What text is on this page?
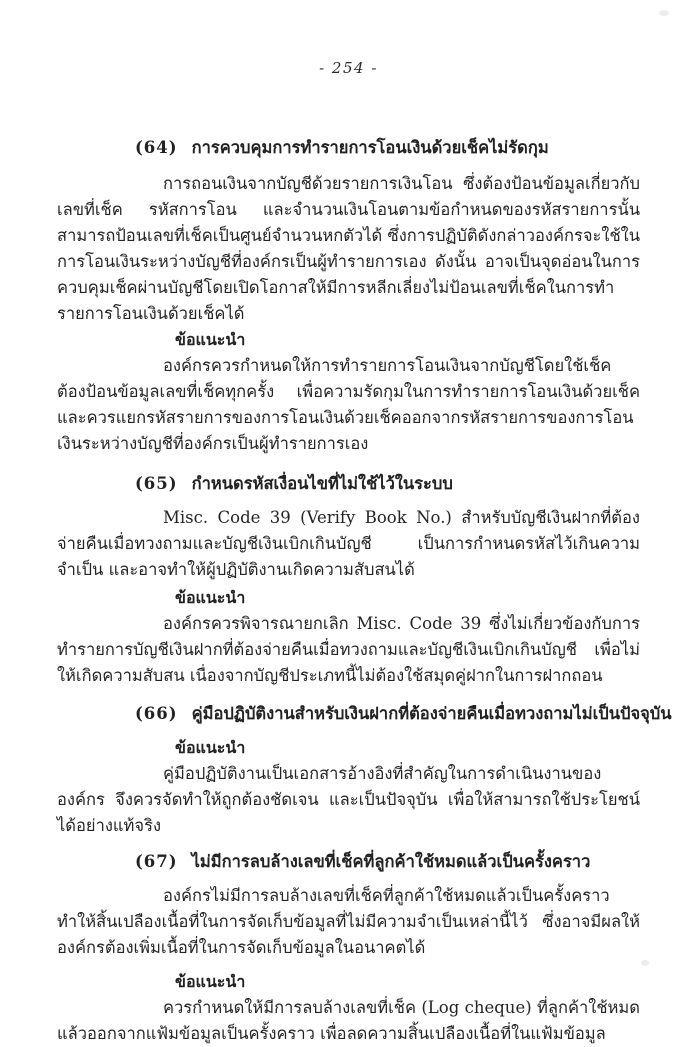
- 254 -

(64) การควบคุมการทำรายการโอนเงินด้วยเช็คไม่รัดกุม

การถอนเงินจากบัญชีด้วยรายการเงินโอน ซึ่งต้องป้อนข้อมูลเกี่ยวกับเลขที่เช็ค รหัสการโอน และจำนวนเงินโอนตามข้อกำหนดของรหัสรายการนั้น สามารถป้อนเลขที่เช็คเป็นศูนย์จำนวนหกตัวได้ ซึ่งการปฏิบัติดังกล่าวองค์กรจะใช้ในการโอนเงินระหว่างบัญชีที่องค์กรเป็นผู้ทำรายการเอง ดังนั้น อาจเป็นจุดอ่อนในการควบคุมเช็คผ่านบัญชีโดยเปิดโอกาสให้มีการหลีกเลี่ยงไม่ป้อนเลขที่เช็คในการทำรายการโอนเงินด้วยเช็คได้

ข้อแนะนำ

องค์กรควรกำหนดให้การทำรายการโอนเงินจากบัญชีโดยใช้เช็ค ต้องป้อนข้อมูลเลขที่เช็คทุกครั้ง เพื่อความรัดกุมในการทำรายการโอนเงินด้วยเช็ค และควรแยกรหัสรายการของการโอนเงินด้วยเช็คออกจากรหัสรายการของการโอนเงินระหว่างบัญชีที่องค์กรเป็นผู้ทำรายการเอง

(65) กำหนดรหัสเงื่อนไขที่ไม่ใช้ไว้ในระบบ

Misc. Code 39 (Verify Book No.) สำหรับบัญชีเงินฝากที่ต้องจ่ายคืนเมื่อทวงถามและบัญชีเงินเบิกเกินบัญชี เป็นการกำหนดรหัสไว้เกินความจำเป็น และอาจทำให้ผู้ปฏิบัติงานเกิดความสับสนได้

ข้อแนะนำ

องค์กรควรพิจารณายกเลิก Misc. Code 39 ซึ่งไม่เกี่ยวข้องกับการทำรายการบัญชีเงินฝากที่ต้องจ่ายคืนเมื่อทวงถามและบัญชีเงินเบิกเกินบัญชี เพื่อไม่ให้เกิดความสับสน เนื่องจากบัญชีประเภทนี้ไม่ต้องใช้สมุดคู่ฝากในการฝากถอน

(66) คู่มือปฏิบัติงานสำหรับเงินฝากที่ต้องจ่ายคืนเมื่อทวงถามไม่เป็นปัจจุบัน

ข้อแนะนำ

คู่มือปฏิบัติงานเป็นเอกสารอ้างอิงที่สำคัญในการดำเนินงานขององค์กร จึงควรจัดทำให้ถูกต้องชัดเจน และเป็นปัจจุบัน เพื่อให้สามารถใช้ประโยชน์ได้อย่างแท้จริง

(67) ไม่มีการลบล้างเลขที่เช็คที่ลูกค้าใช้หมดแล้วเป็นครั้งคราว

องค์กรไม่มีการลบล้างเลขที่เช็คที่ลูกค้าใช้หมดแล้วเป็นครั้งคราว ทำให้สิ้นเปลืองเนื้อที่ในการจัดเก็บข้อมูลที่ไม่มีความจำเป็นเหล่านี้ไว้ ซึ่งอาจมีผลให้องค์กรต้องเพิ่มเนื้อที่ในการจัดเก็บข้อมูลในอนาคตได้

ข้อแนะนำ

ควรกำหนดให้มีการลบล้างเลขที่เช็ค (Log cheque) ที่ลูกค้าใช้หมดแล้วออกจากแฟ้มข้อมูลเป็นครั้งคราว เพื่อลดความสิ้นเปลืองเนื้อที่ในแฟ้มข้อมูล
